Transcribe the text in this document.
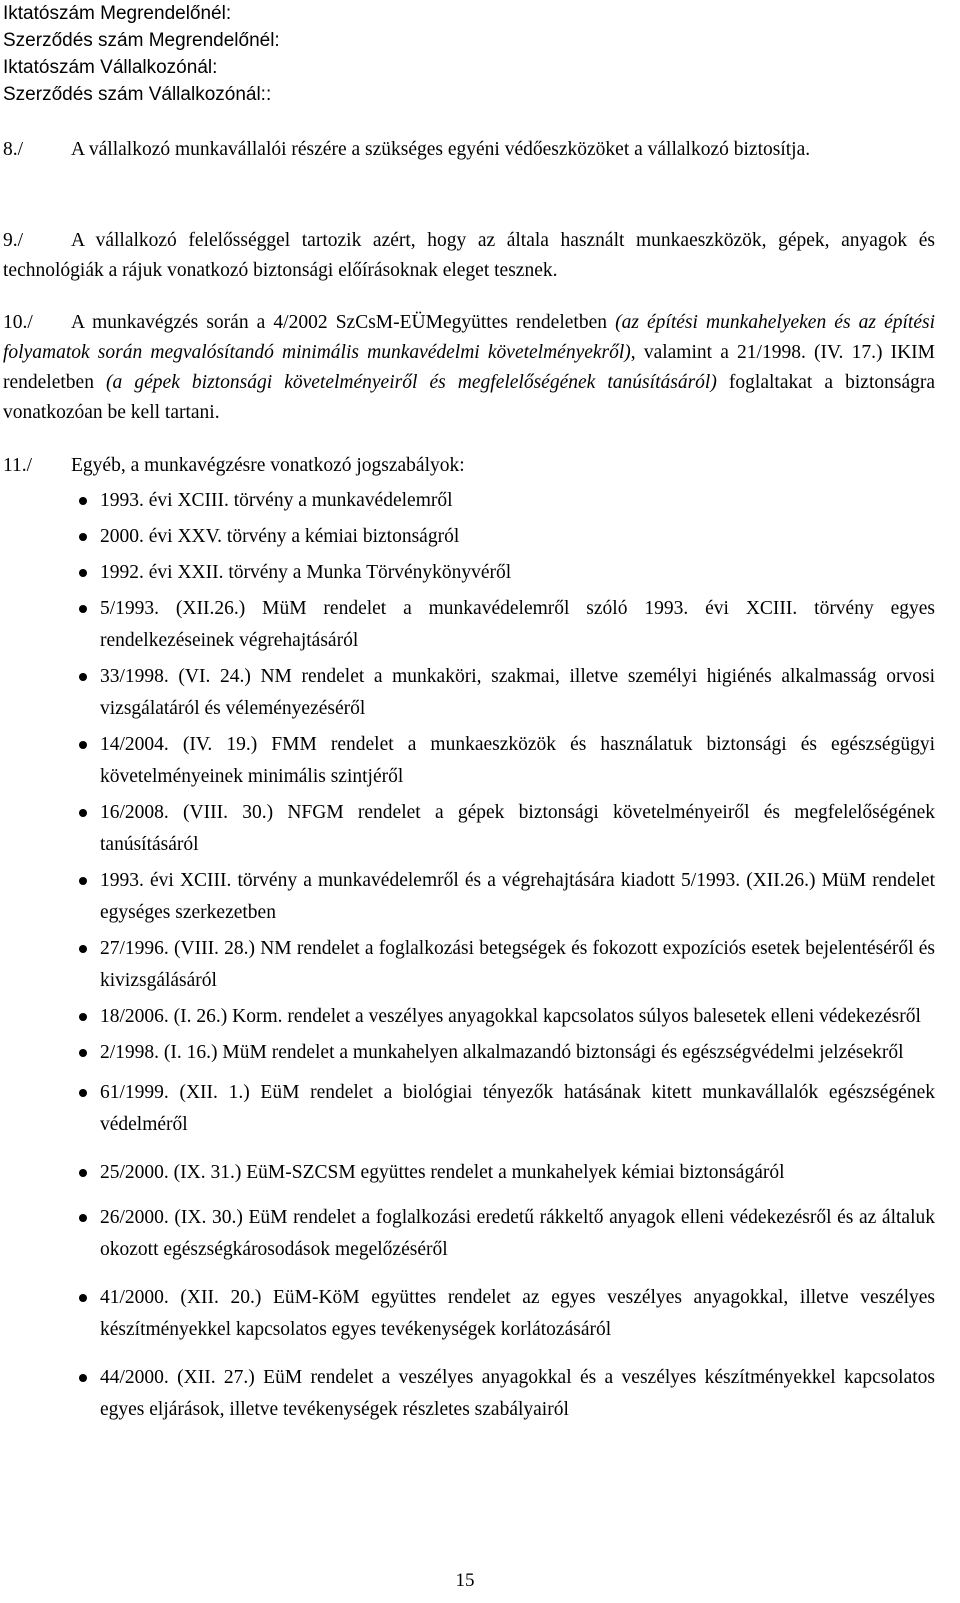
Iktatószám Megrendelőnél:
Szerződés szám Megrendelőnél:
Iktatószám Vállalkozónál:
Szerződés szám Vállalkozónál::
8./ A vállalkozó munkavállalói részére a szükséges egyéni védőeszközöket a vállalkozó biztosítja.
9./ A vállalkozó felelősséggel tartozik azért, hogy az általa használt munkaeszközök, gépek, anyagok és technológiák a rájuk vonatkozó biztonsági előírásoknak eleget tesznek.
10./ A munkavégzés során a 4/2002 SzCsM-EÜMegyüttes rendeletben (az építési munkahelyeken és az építési folyamatok során megvalósítandó minimális munkavédelmi követelményekről), valamint a 21/1998. (IV. 17.) IKIM rendeletben (a gépek biztonsági követelményeiről és megfelelőségének tanúsításáról) foglaltakat a biztonságra vonatkozóan be kell tartani.
11./ Egyéb, a munkavégzésre vonatkozó jogszabályok:
1993. évi XCIII. törvény a munkavédelemről
2000. évi XXV. törvény a kémiai biztonságról
1992. évi XXII. törvény a Munka Törvénykönyvéről
5/1993. (XII.26.) MüM rendelet a munkavédelemről szóló 1993. évi XCIII. törvény egyes rendelkezéseinek végrehajtásáról
33/1998. (VI. 24.) NM rendelet a munkaköri, szakmai, illetve személyi higiénés alkalmasság orvosi vizsgálatáról és véleményezéséről
14/2004. (IV. 19.) FMM rendelet a munkaeszközök és használatuk biztonsági és egészségügyi követelményeinek minimális szintjéről
16/2008. (VIII. 30.) NFGM rendelet a gépek biztonsági követelményeiről és megfelelőségének tanúsításáról
1993. évi XCIII. törvény a munkavédelemről és a végrehajtására kiadott 5/1993. (XII.26.) MüM rendelet egységes szerkezetben
27/1996. (VIII. 28.) NM rendelet a foglalkozási betegségek és fokozott expozíciós esetek bejelentéséről és kivizsgálásáról
18/2006. (I. 26.) Korm. rendelet a veszélyes anyagokkal kapcsolatos súlyos balesetek elleni védekezésről
2/1998. (I. 16.) MüM rendelet a munkahelyen alkalmazandó biztonsági és egészségvédelmi jelzésekről
61/1999. (XII. 1.) EüM rendelet a biológiai tényezők hatásának kitett munkavállalók egészségének védelméről
25/2000. (IX. 31.) EüM-SZCSM együttes rendelet a munkahelyek kémiai biztonságáról
26/2000. (IX. 30.) EüM rendelet a foglalkozási eredetű rákkeltő anyagok elleni védekezésről és az általuk okozott egészségkárosodások megelőzéséről
41/2000. (XII. 20.) EüM-KöM együttes rendelet az egyes veszélyes anyagokkal, illetve veszélyes készítményekkel kapcsolatos egyes tevékenységek korlátozásáról
44/2000. (XII. 27.) EüM rendelet a veszélyes anyagokkal és a veszélyes készítményekkel kapcsolatos egyes eljárások, illetve tevékenységek részletes szabályairól
15
